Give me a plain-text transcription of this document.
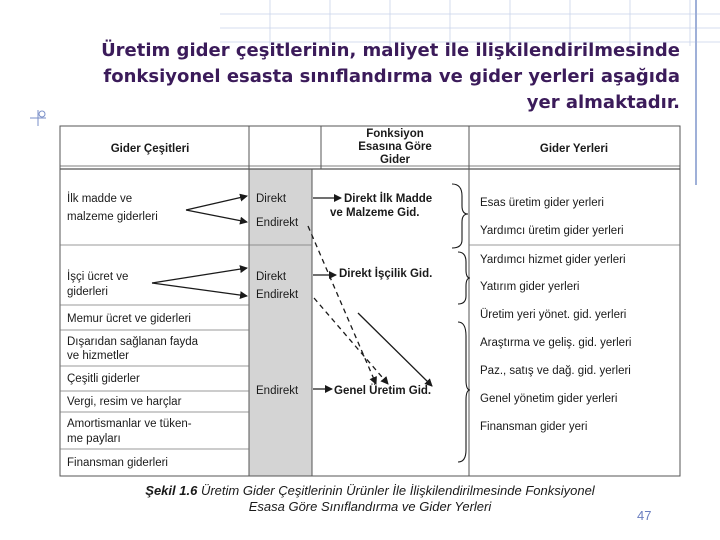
Üretim gider çeşitlerinin, maliyet ile ilişkilendirilmesinde
fonksiyonel esasta sınıflandırma ve gider yerleri aşağıda
yer almaktadır.
Gider Çeşitleri
Fonksiyon
Esasına Göre
Gider
Gider Yerleri
İlk madde ve
malzeme giderleri
İşçi ücret ve
giderleri
Memur ücret ve giderleri
Dışarıdan sağlanan fayda
ve hizmetler
Çeşitli giderler
Vergi, resim ve harçlar
Amortismanlar ve tüken-
me payları
Finansman giderleri
Direkt
Endirekt
Direkt
Endirekt
Endirekt
Direkt İlk Madde
ve Malzeme Gid.
Direkt İşçilik Gid.
Genel Üretim Gid.
Esas üretim gider yerleri
Yardımcı üretim gider yerleri
Yardımcı hizmet gider yerleri
Yatırım gider yerleri
Üretim yeri yönet. gid. yerleri
Araştırma ve geliş. gid. yerleri
Paz., satış ve dağ. gid. yerleri
Genel yönetim gider yerleri
Finansman gider yeri
Şekil 1.6 Üretim Gider Çeşitlerinin Ürünler İle İlişkilendirilmesinde Fonksiyonel
Esasa Göre Sınıflandırma ve Gider Yerleri
47
